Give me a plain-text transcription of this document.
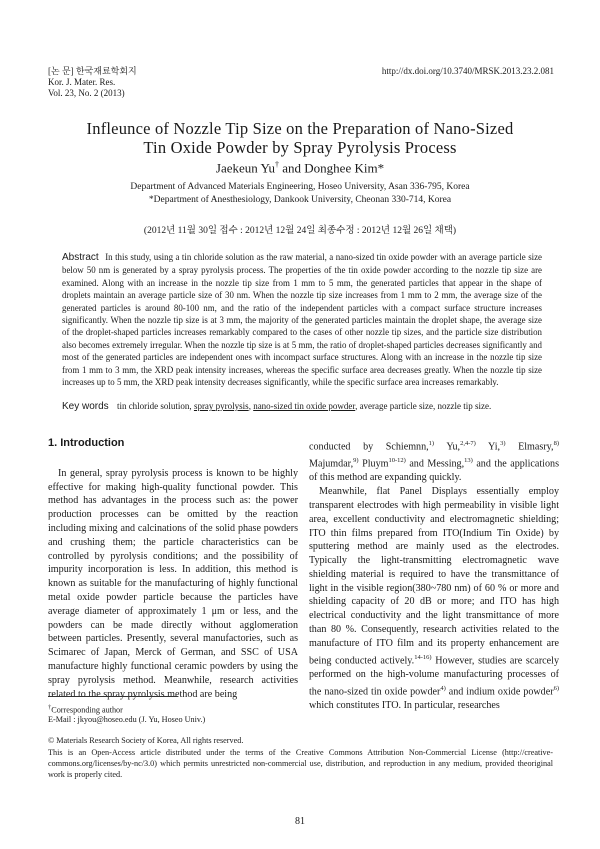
[논 문] 한국재료학회지
Kor. J. Mater. Res.
Vol. 23, No. 2 (2013)
http://dx.doi.org/10.3740/MRSK.2013.23.2.081
Infleunce of Nozzle Tip Size on the Preparation of Nano-Sized
Tin Oxide Powder by Spray Pyrolysis Process
Jaekeun Yu† and Donghee Kim*
Department of Advanced Materials Engineering, Hoseo University, Asan 336-795, Korea
*Department of Anesthesiology, Dankook University, Cheonan 330-714, Korea
(2012년 11월 30일 접수 : 2012년 12월 24일 최종수정 : 2012년 12월 26일 채택)
Abstract In this study, using a tin chloride solution as the raw material, a nano-sized tin oxide powder with an average particle size below 50 nm is generated by a spray pyrolysis process. The properties of the tin oxide powder according to the nozzle tip size are examined. Along with an increase in the nozzle tip size from 1 mm to 5 mm, the generated particles that appear in the shape of droplets maintain an average particle size of 30 nm. When the nozzle tip size increases from 1 mm to 2 mm, the average size of the generated particles is around 80-100 nm, and the ratio of the independent particles with a compact surface structure increases significantly. When the nozzle tip size is at 3 mm, the majority of the generated particles maintain the droplet shape, the average size of the droplet-shaped particles increases remarkably compared to the cases of other nozzle tip sizes, and the particle size distribution also becomes extremely irregular. When the nozzle tip size is at 5 mm, the ratio of droplet-shaped particles decreases significantly and most of the generated particles are independent ones with incompact surface structures. Along with an increase in the nozzle tip size from 1 mm to 3 mm, the XRD peak intensity increases, whereas the specific surface area decreases greatly. When the nozzle tip size increases up to 5 mm, the XRD peak intensity decreases significantly, while the specific surface area increases remarkably.
Key words tin chloride solution, spray pyrolysis, nano-sized tin oxide powder, average particle size, nozzle tip size.

1. Introduction

In general, spray pyrolysis process is known to be highly effective for making high-quality functional powder. This method has advantages in the process such as: the power production processes can be omitted by the reaction including mixing and calcinations of the solid phase powders and crushing them; the particle characteristics can be controlled by pyrolysis conditions; and the possibility of impurity incorporation is less. In addition, this method is known as suitable for the manufacturing of highly functional metal oxide powder particle because the particles have average diameter of approximately 1 μm or less, and the powders can be made directly without agglomeration between particles. Presently, several manufactories, such as Scimarec of Japan, Merck of German, and SSC of USA manufacture highly functional ceramic powders by using the spray pyrolysis method. Meanwhile, research activities related to the spray pyrolysis method are being

conducted by Schiemnn,$^{1)}$ Yu,$^{2,4-7)}$ Yi,$^{3)}$ Elmasry,$^{8)}$ Majumdar,$^{9)}$ Pluym$^{10-12)}$ and Messing,$^{13)}$ and the applications of this method are expanding quickly.

Meanwhile, flat Panel Displays essentially employ transparent electrodes with high permeability in visible light area, excellent conductivity and electromagnetic shielding; ITO thin films prepared from ITO(Indium Tin Oxide) by sputtering method are mainly used as the electrodes. Typically the light-transmitting electromagnetic wave shielding material is required to have the transmittance of light in the visible region(380~780 nm) of 60 % or more and shielding capacity of 20 dB or more; and ITO has high electrical conductivity and the light transmittance of more than 80 %. Consequently, research activities related to the manufacture of ITO film and its property enhancement are being conducted actively.$^{14-16)}$ However, studies are scarcely performed on the high-volume manufacturing processes of the nano-sized tin oxide powder$^{4)}$ and indium oxide powder$^{6)}$ which constitutes ITO. In particular, researches

†Corresponding author
E-Mail : jkyou@hoseo.edu (J. Yu, Hoseo Univ.)
© Materials Research Society of Korea, All rights reserved.
This is an Open-Access article distributed under the terms of the Creative Commons Attribution Non-Commercial License (http://creative-commons.org/licenses/by-nc/3.0) which permits unrestricted non-commercial use, distribution, and reproduction in any medium, provided theoriginal work is properly cited.
81
